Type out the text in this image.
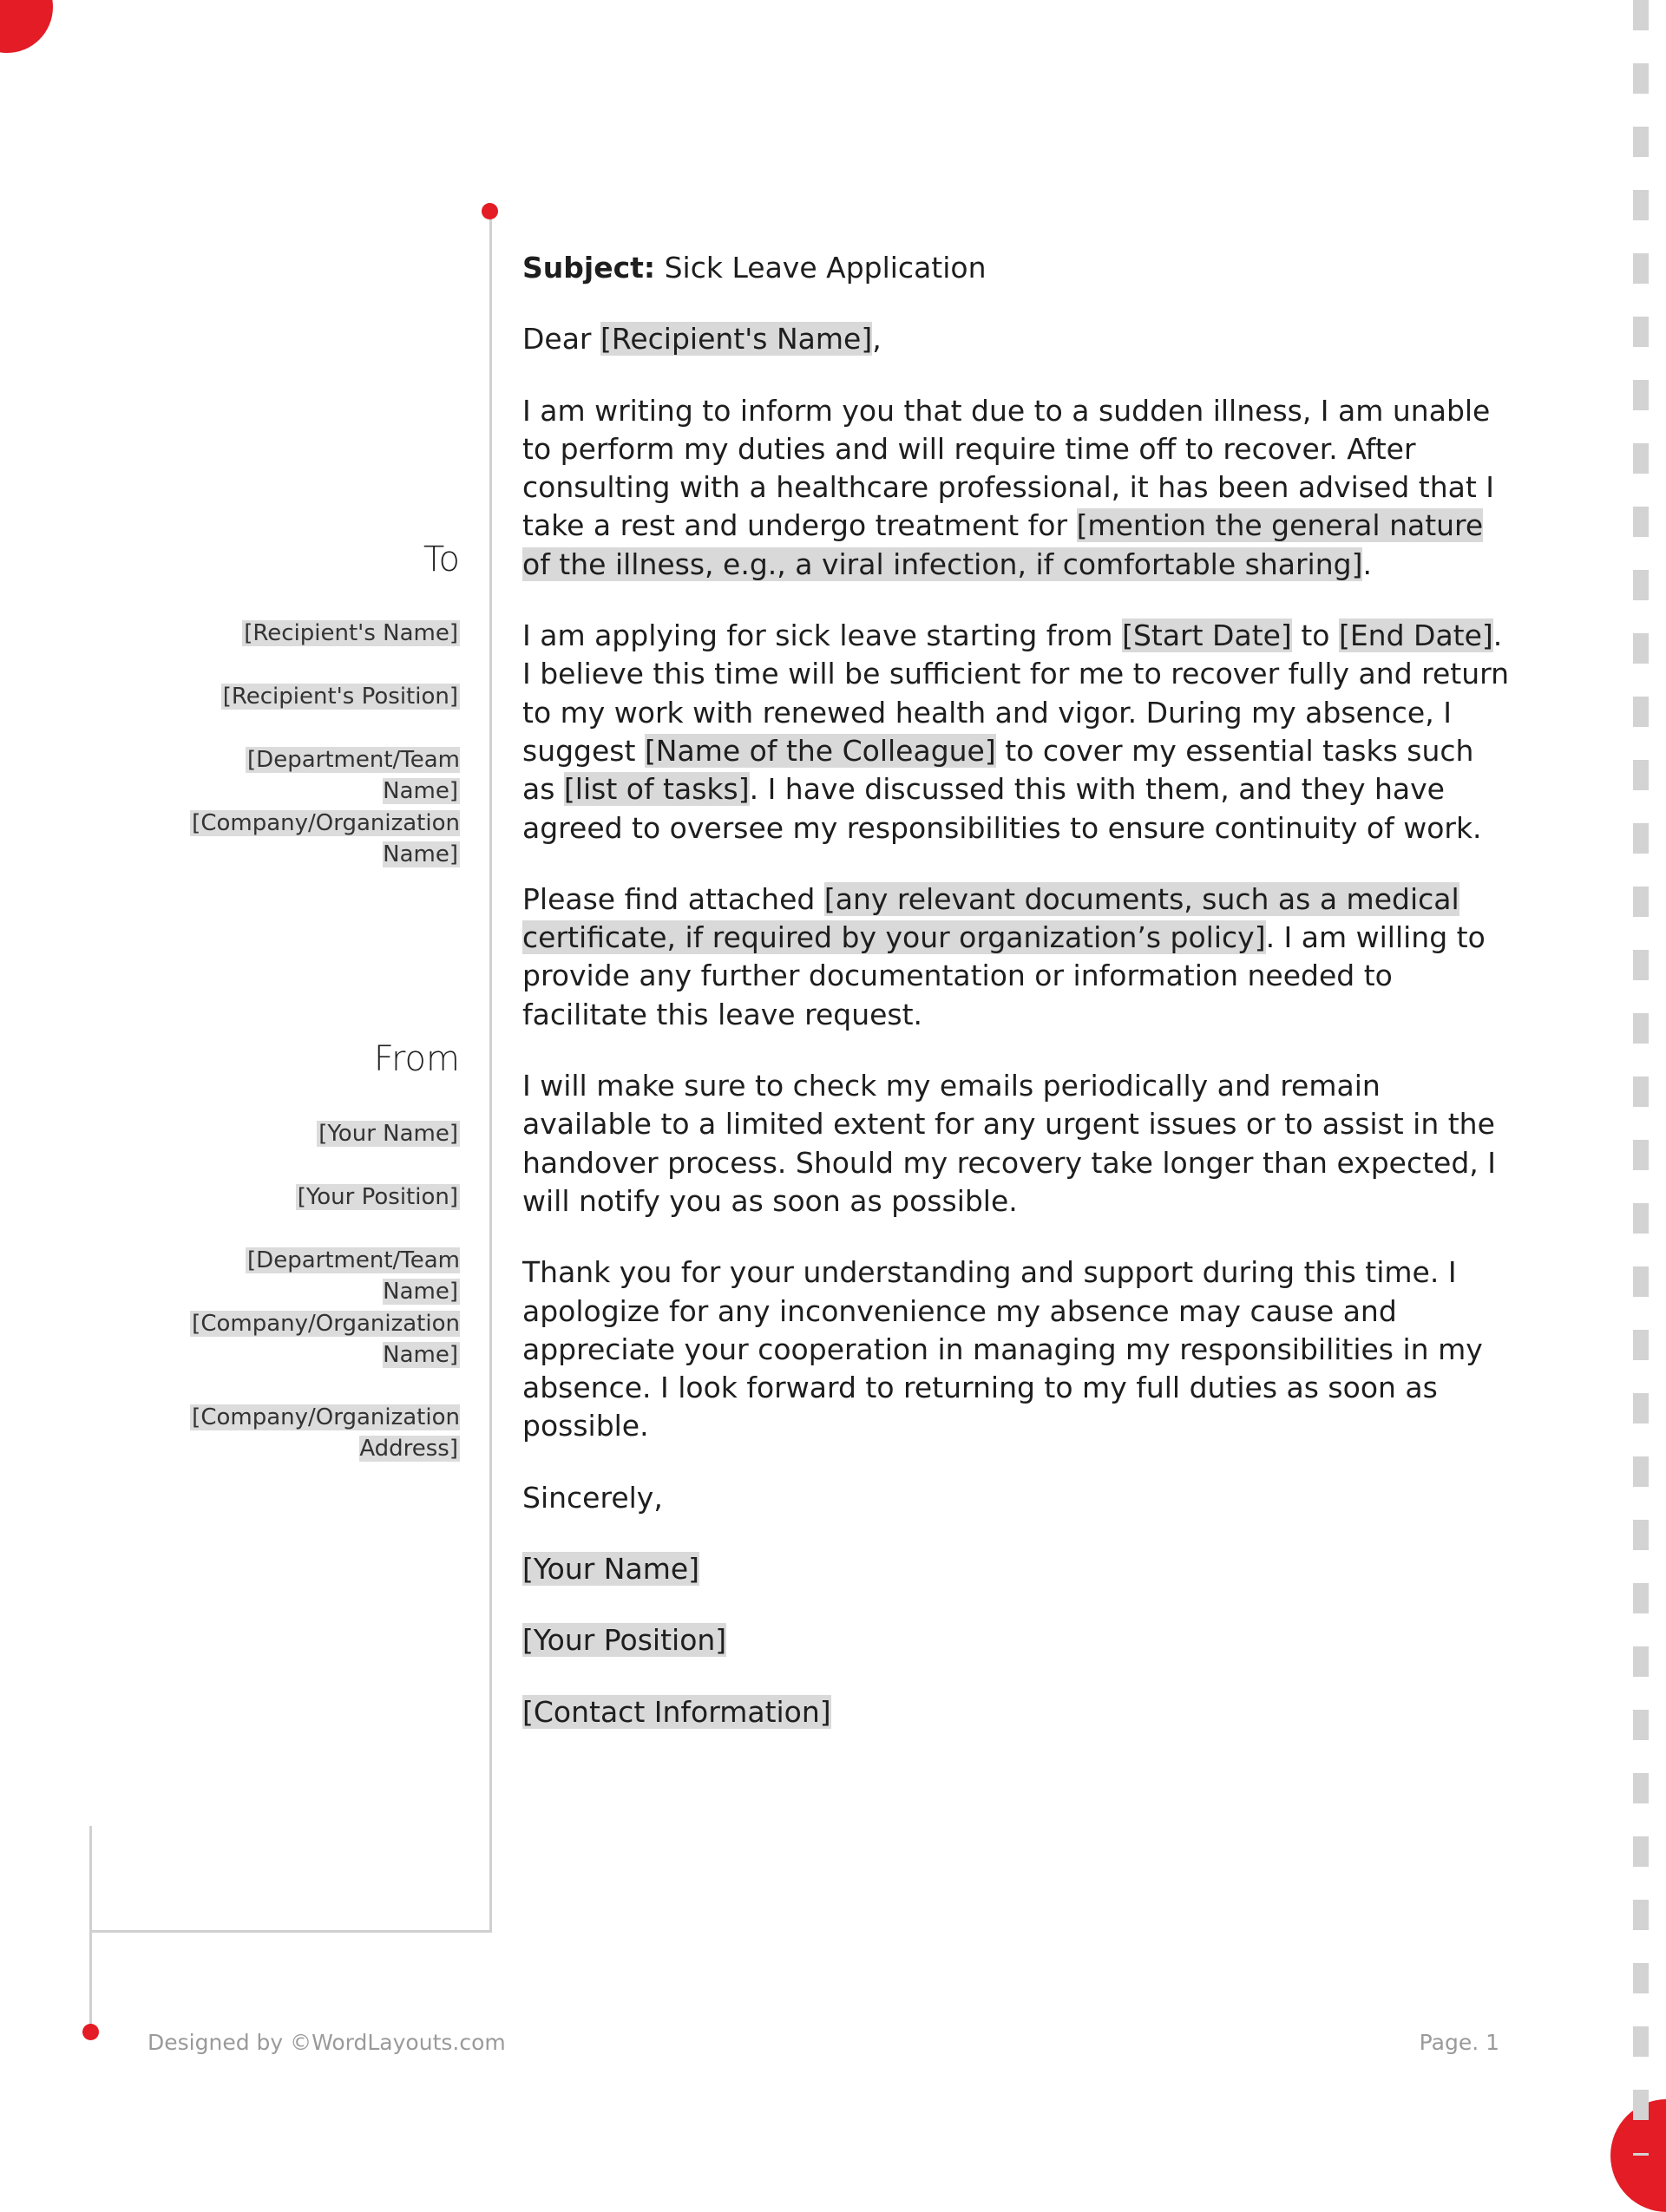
To
[Recipient's Name]
[Recipient's Position]
[Department/Team Name]
[Company/Organization Name]
From
[Your Name]
[Your Position]
[Department/Team Name]
[Company/Organization Name]
[Company/Organization Address]

Subject: Sick Leave Application

Dear [Recipient's Name],

I am writing to inform you that due to a sudden illness, I am unable to perform my duties and will require time off to recover. After consulting with a healthcare professional, it has been advised that I take a rest and undergo treatment for [mention the general nature of the illness, e.g., a viral infection, if comfortable sharing].

I am applying for sick leave starting from [Start Date] to [End Date]. I believe this time will be sufficient for me to recover fully and return to my work with renewed health and vigor. During my absence, I suggest [Name of the Colleague] to cover my essential tasks such as [list of tasks]. I have discussed this with them, and they have agreed to oversee my responsibilities to ensure continuity of work.

Please find attached [any relevant documents, such as a medical certificate, if required by your organization’s policy]. I am willing to provide any further documentation or information needed to facilitate this leave request.

I will make sure to check my emails periodically and remain available to a limited extent for any urgent issues or to assist in the handover process. Should my recovery take longer than expected, I will notify you as soon as possible.

Thank you for your understanding and support during this time. I apologize for any inconvenience my absence may cause and appreciate your cooperation in managing my responsibilities in my absence. I look forward to returning to my full duties as soon as possible.

Sincerely,

[Your Name]

[Your Position]

[Contact Information]

Designed by ©WordLayouts.com	Page. 1
